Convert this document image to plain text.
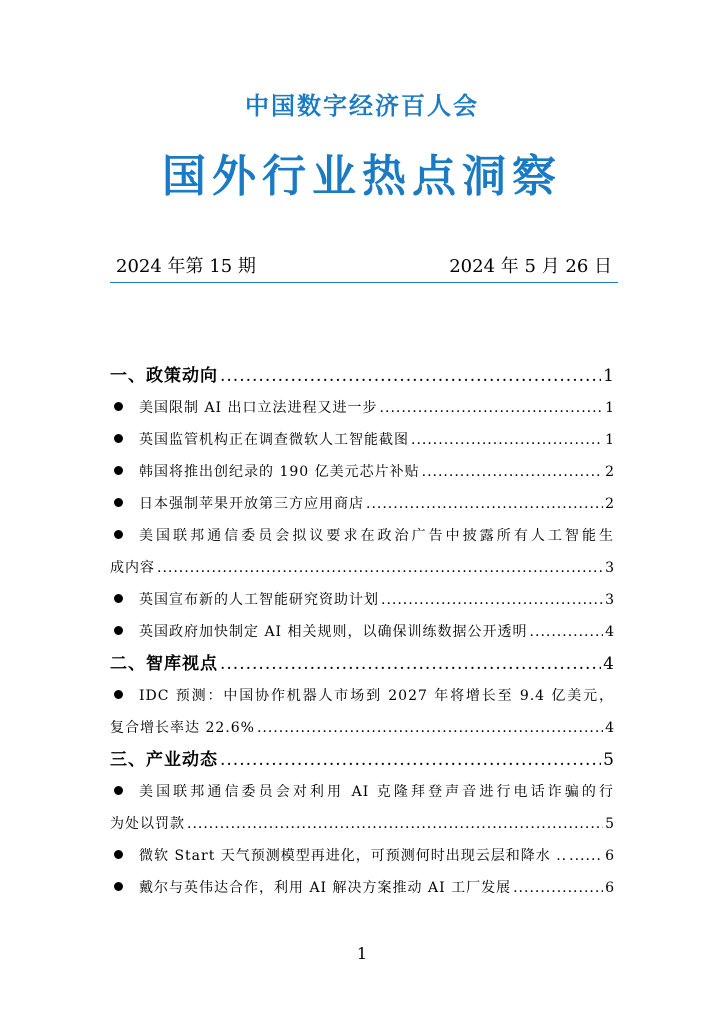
中国数字经济百人会
国外行业热点洞察
2024 年第 15 期	2024 年 5 月 26 日
一、政策动向 .....	1
美国限制 AI 出口立法进程又进一步 .....	1
英国监管机构正在调查微软人工智能截图 .....	1
韩国将推出创纪录的 190 亿美元芯片补贴 .....	2
日本强制苹果开放第三方应用商店 .....	2
美国联邦通信委员会拟议要求在政治广告中披露所有人工智能生
成内容 .....	3
英国宣布新的人工智能研究资助计划 .....	3
英国政府加快制定 AI 相关规则，以确保训练数据公开透明 .....	4
二、智库视点 .....	4
IDC 预测：中国协作机器人市场到 2027 年将增长至 9.4 亿美元，
复合增长率达 22.6% .....	4
三、产业动态 .....	5
美国联邦通信委员会对利用 AI 克隆拜登声音进行电话诈骗的行
为处以罚款 .....	5
微软 Start 天气预测模型再进化，可预测何时出现云层和降水 .. .....	6
戴尔与英伟达合作，利用 AI 解决方案推动 AI 工厂发展 .....	6
1
